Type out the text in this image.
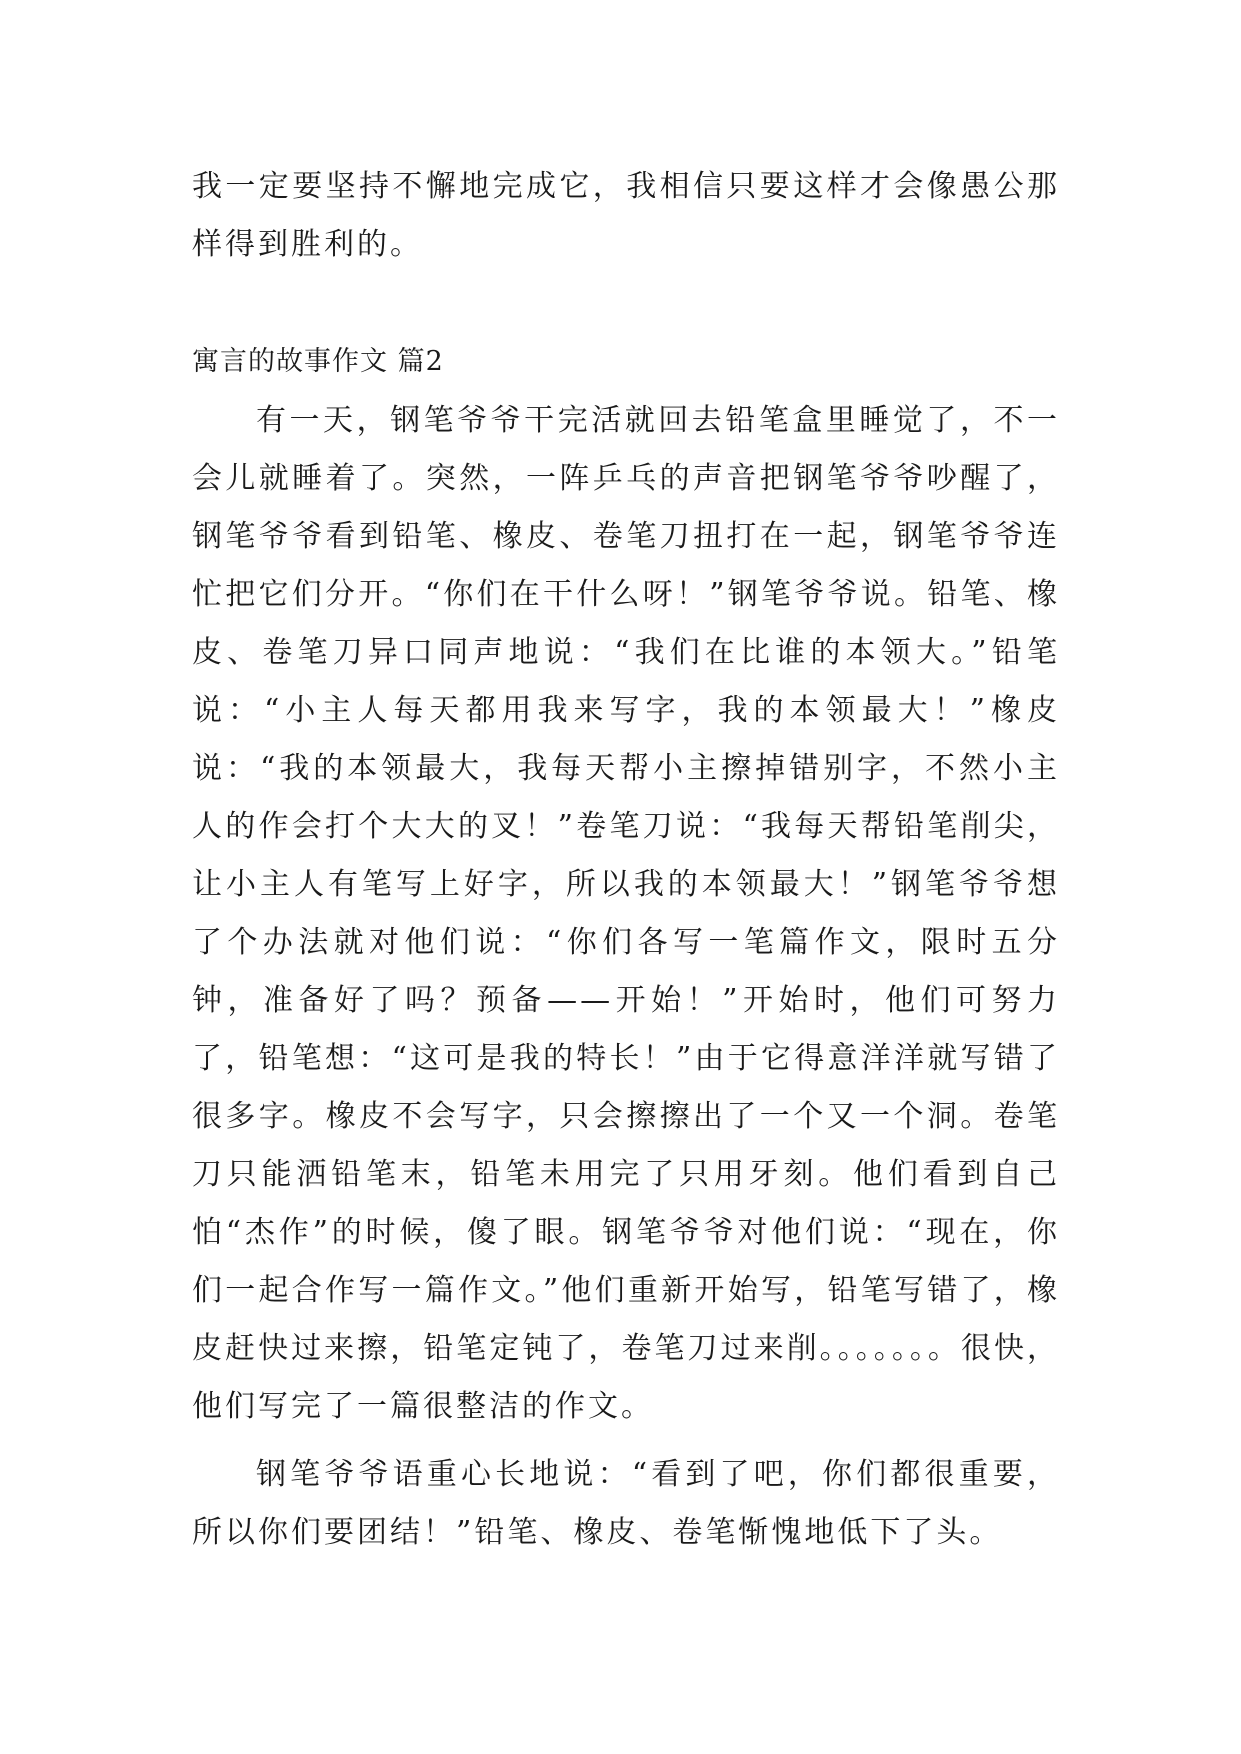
我一定要坚持不懈地完成它，我相信只要这样才会像愚公那样得到胜利的。

寓言的故事作文 篇2

有一天，钢笔爷爷干完活就回去铅笔盒里睡觉了，不一会儿就睡着了。突然，一阵乒乓的声音把钢笔爷爷吵醒了，钢笔爷爷看到铅笔、橡皮、卷笔刀扭打在一起，钢笔爷爷连忙把它们分开。“你们在干什么呀！”钢笔爷爷说。铅笔、橡皮、卷笔刀异口同声地说：“我们在比谁的本领大。”铅笔说：“小主人每天都用我来写字，我的本领最大！”橡皮说：“我的本领最大，我每天帮小主擦掉错别字，不然小主人的作会打个大大的叉！”卷笔刀说：“我每天帮铅笔削尖，让小主人有笔写上好字，所以我的本领最大！”钢笔爷爷想了个办法就对他们说：“你们各写一笔篇作文，限时五分钟，准备好了吗？预备——开始！”开始时，他们可努力了，铅笔想：“这可是我的特长！”由于它得意洋洋就写错了很多字。橡皮不会写字，只会擦擦出了一个又一个洞。卷笔刀只能洒铅笔末，铅笔未用完了只用牙刻。他们看到自己怕“杰作”的时候，傻了眼。钢笔爷爷对他们说：“现在，你们一起合作写一篇作文。”他们重新开始写，铅笔写错了，橡皮赶快过来擦，铅笔定钝了，卷笔刀过来削。。。。。。。很快，他们写完了一篇很整洁的作文。

钢笔爷爷语重心长地说：“看到了吧，你们都很重要，所以你们要团结！”铅笔、橡皮、卷笔惭愧地低下了头。
